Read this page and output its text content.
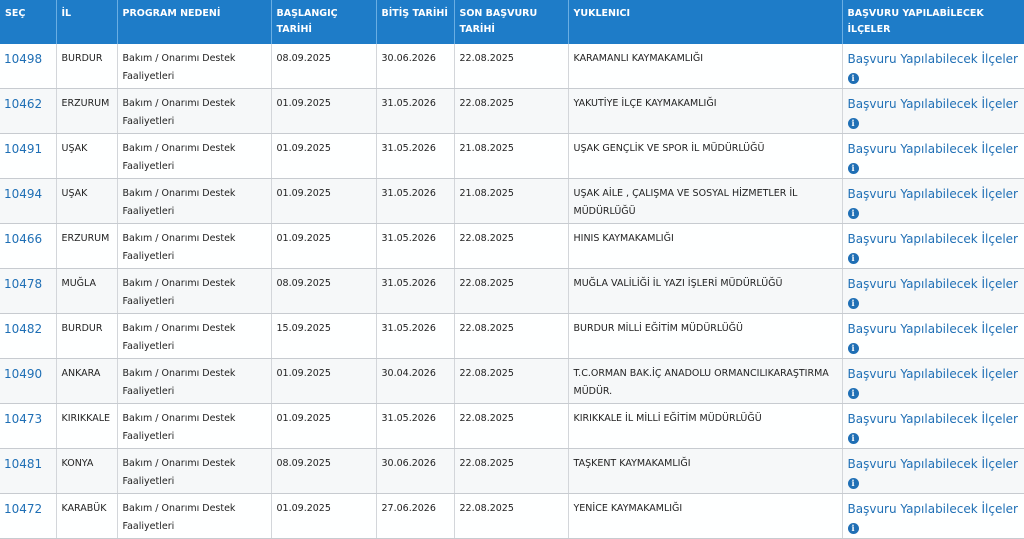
SEÇ	İL	PROGRAM NEDENİ	BAŞLANGIÇ TARİHİ	BİTİŞ TARİHİ	SON BAŞVURU TARİHİ	YUKLENICI	BAŞVURU YAPILABİLECEK İLÇELER
10498	BURDUR	Bakım / Onarımı Destek Faaliyetleri	08.09.2025	30.06.2026	22.08.2025	KARAMANLI KAYMAKAMLIĞI	Başvuru Yapılabilecek İlçeler
i
10462	ERZURUM	Bakım / Onarımı Destek Faaliyetleri	01.09.2025	31.05.2026	22.08.2025	YAKUTİYE İLÇE KAYMAKAMLIĞI	Başvuru Yapılabilecek İlçeler
i
10491	UŞAK	Bakım / Onarımı Destek Faaliyetleri	01.09.2025	31.05.2026	21.08.2025	UŞAK GENÇLİK VE SPOR İL MÜDÜRLÜĞÜ	Başvuru Yapılabilecek İlçeler
i
10494	UŞAK	Bakım / Onarımı Destek Faaliyetleri	01.09.2025	31.05.2026	21.08.2025	UŞAK AİLE , ÇALIŞMA VE SOSYAL HİZMETLER İL MÜDÜRLÜĞÜ	Başvuru Yapılabilecek İlçeler
i
10466	ERZURUM	Bakım / Onarımı Destek Faaliyetleri	01.09.2025	31.05.2026	22.08.2025	HINIS KAYMAKAMLIĞI	Başvuru Yapılabilecek İlçeler
i
10478	MUĞLA	Bakım / Onarımı Destek Faaliyetleri	08.09.2025	31.05.2026	22.08.2025	MUĞLA VALİLİĞİ İL YAZI İŞLERİ MÜDÜRLÜĞÜ	Başvuru Yapılabilecek İlçeler
i
10482	BURDUR	Bakım / Onarımı Destek Faaliyetleri	15.09.2025	31.05.2026	22.08.2025	BURDUR MİLLİ EĞİTİM MÜDÜRLÜĞÜ	Başvuru Yapılabilecek İlçeler
i
10490	ANKARA	Bakım / Onarımı Destek Faaliyetleri	01.09.2025	30.04.2026	22.08.2025	T.C.ORMAN BAK.İÇ ANADOLU ORMANCILIKARAŞTIRMA MÜDÜR.	Başvuru Yapılabilecek İlçeler
i
10473	KIRIKKALE	Bakım / Onarımı Destek Faaliyetleri	01.09.2025	31.05.2026	22.08.2025	KIRIKKALE İL MİLLİ EĞİTİM MÜDÜRLÜĞÜ	Başvuru Yapılabilecek İlçeler
i
10481	KONYA	Bakım / Onarımı Destek Faaliyetleri	08.09.2025	30.06.2026	22.08.2025	TAŞKENT KAYMAKAMLIĞI	Başvuru Yapılabilecek İlçeler
i
10472	KARABÜK	Bakım / Onarımı Destek Faaliyetleri	01.09.2025	27.06.2026	22.08.2025	YENİCE KAYMAKAMLIĞI	Başvuru Yapılabilecek İlçeler
i
